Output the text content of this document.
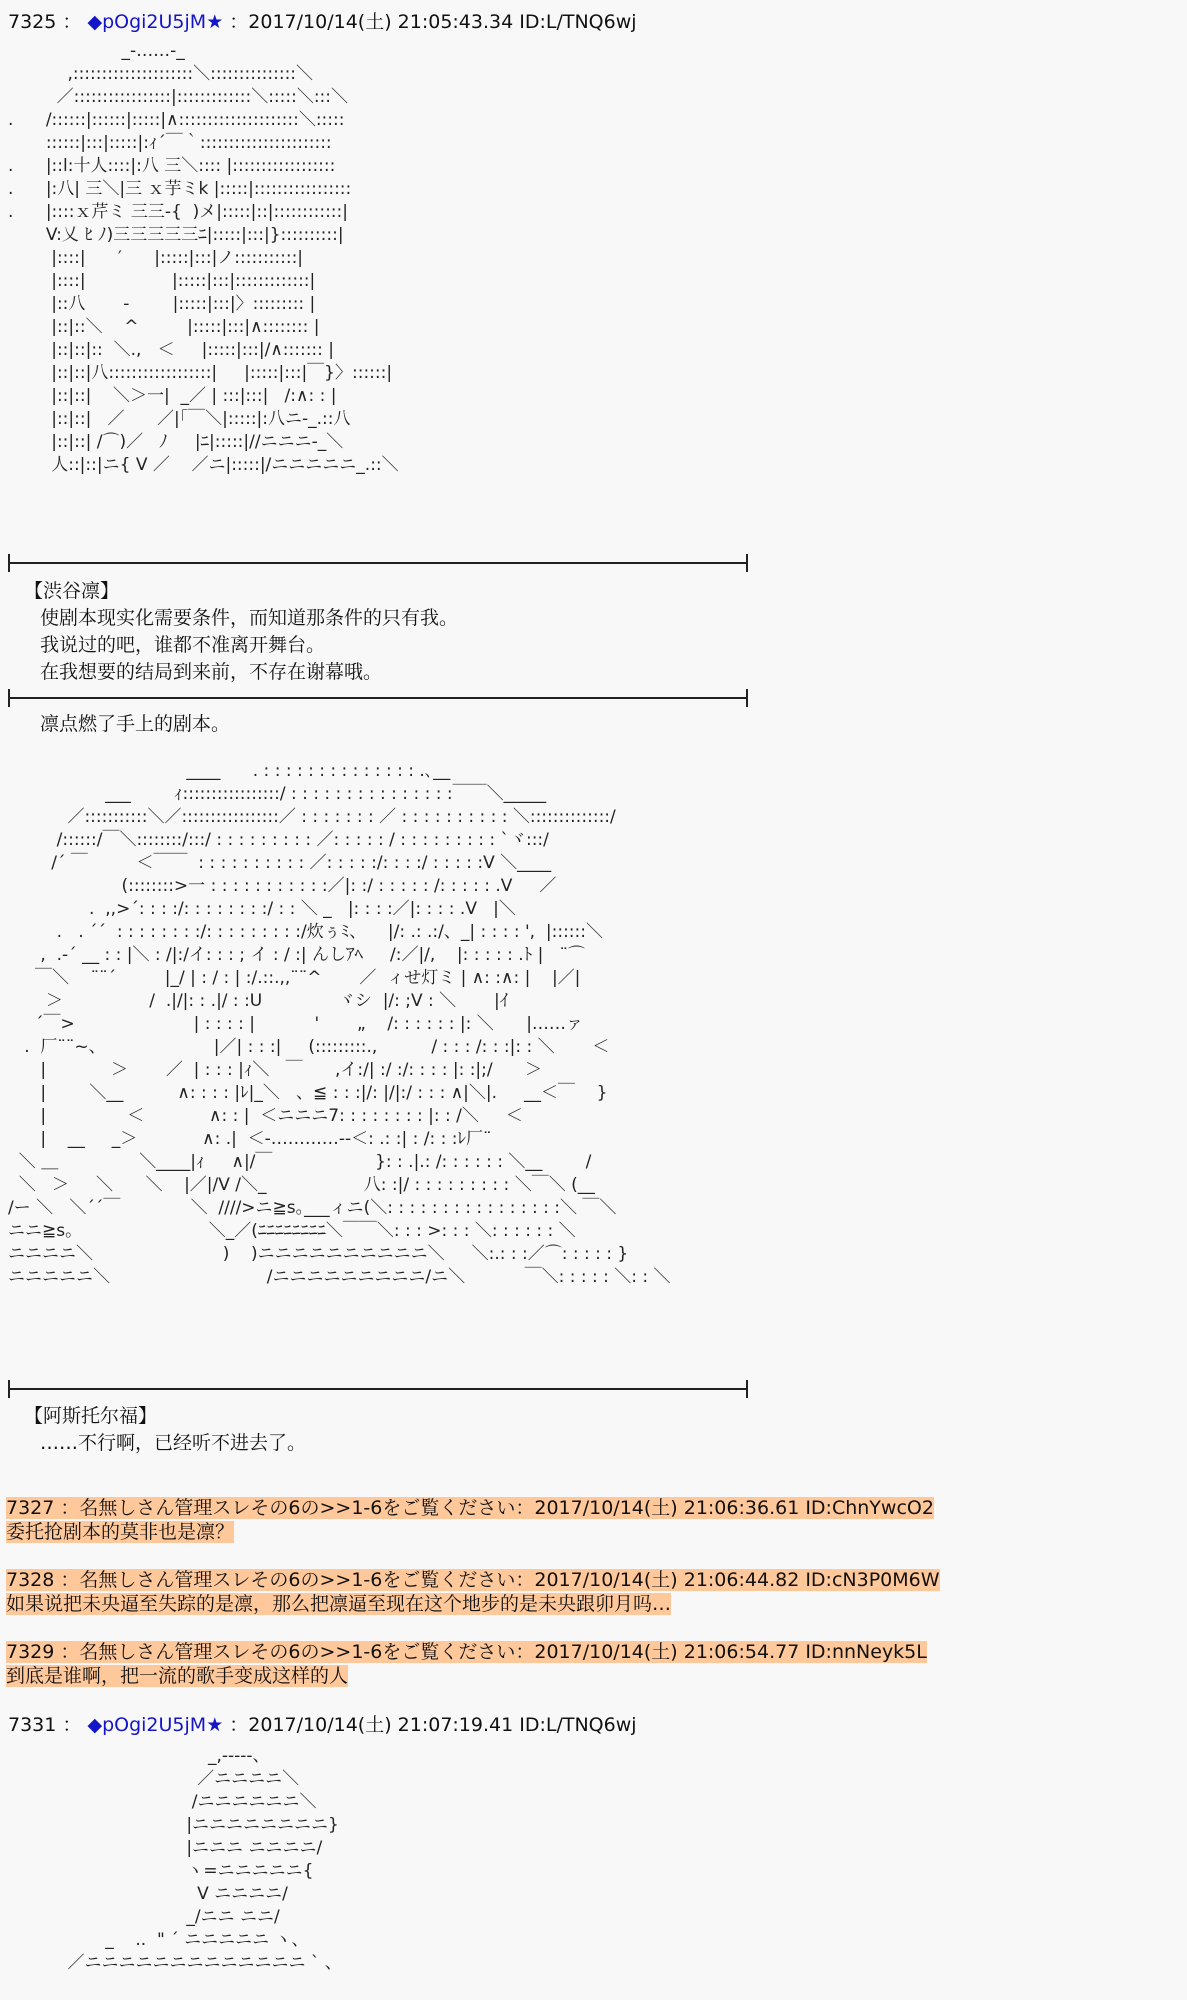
7325 ： ◆pOgi2U5jM★ ：2017/10/14(土) 21:05:43.34 ID:L/TNQ6wj
_-‥‥‥-_
,:::::::::::::::::::::＼:::::::::::::::＼
／:::::::::::::::::|:::::::::::::＼:::::＼:::＼
.      /::::::|::::::|:::::|∧:::::::::::::::::::::＼:::::
::::::|:::|:::::|:ｨ´￣｀:::::::::::::::::::::::
.      |::l:十人::::|:八 三＼:::: |::::::::::::::::::
.      |:八| 三＼|三 ｘ芋ミk |:::::|:::::::::::::::::
.      |::::ｘ芹ミ 三三-{  )メ|:::::|::|::::::::::::|
V:乂 ﾋ ﾉ)三三三三三ﾆ|:::::|:::|}::::::::::|
|::::|      ′      |:::::|:::|ノ:::::::::::|
|::::|                |:::::|:::|:::::::::::::|
|::八       -        |:::::|:::|〉::::::::: |
|::|::＼    ^         |:::::|:::|∧:::::::: |
|::|::|::  ＼.,   ＜     |:::::|:::|/∧::::::: |
|::|::|八::::::::::::::::::|     |:::::|:::|￣}〉::::::|
|::|::|    ＼＞一|  _／ | :::|:::|   /:∧: : |
|::|::|   ／      ／|｢￣＼|:::::|:八ニ-_.::八
|::|::| /⌒)／   ﾉ     |ﾆ|:::::|//ニニニ-_＼
人::|::|ニ{ V ／    ／ニ|:::::|/ニニニニニ_.::＼
【渋谷凛】
使剧本现实化需要条件，而知道那条件的只有我。
我说过的吧，谁都不准离开舞台。
在我想要的结局到来前，不存在谢幕哦。
凛点燃了手上的剧本。
____      . : : : : : : : : : : : : : : .､__
___        ｨ:::::::::::::::::/ : : : : : : : : : : : : : : :￣￣＼_____
／:::::::::::＼／:::::::::::::::::／ : : : : : : : ／ : : : : : : : : : : ＼::::::::::::::/
/::::::/￣＼::::::::/:::/ : : : : : : : : : ／: : : : : / : : : : : : : : : `ヾ:::/
/´ ￣         ＜￣￣  : : : : : : : : : : ／: : : : :/: : : :/ : : : : :V ＼____
(::::::::>一 : : : : : : : : : : :／|: :/ : : : : : /: : : : : .V     ／
.  ,,>´: : : :/: : : : : : : :/ : : ＼ _   |: : : :／|: : : : .V   |＼
.   . ´´  : : : : : : : :/: : : : : : : : :/炊ぅﾐ、    |/: .: .:/、_| : : : : ',  |::::::＼
,  .-´ __ : : |＼ : /|:/イ: : : ; イ : / :| んしｱﾍ     /:／|/,    |: : : : : .ﾄ |   ¨⌒
￣＼    ¨¨´         |_/ | : / : | :/.::.,,¨¨^       ／  ィせ灯ミ | ∧: :∧: |    |／|
＞                /  .|/|: : .|/ : :U              ヾシ  |/: ;V : ＼       |ｲ
´￣>                      | : : : : |           '       „    /: : : : : : |: ＼      |‥‥‥ァ
.  厂¨¨~、                    |／| : : :|     (:::::::::.,          / : : : /: : :|: : ＼       ＜
|            ＞       ／  | : : : |ｨ＼   ￣      ,イ:/| :/ :/: : : : |: :|;/      ＞
|        ＼__          ∧: : : : |ﾚ|_＼   、≦ : : :|/: |/|:/ : : : ∧|＼|.     __＜￣    }
|               ＜            ∧: : |  ＜ニニニ7: : : : : : : : |: : /＼     ＜
|    __     _＞            ∧: .|  ＜-‥‥‥‥‥‥--＜: .: :| : /: : :ﾚ厂¨
＼ ＿               ＼____|ｨ     ∧|/￣                   }: : .|.: /: : : : : : ＼__        /
＼   ＞     ＼      ＼    |／|/V /＼_                  八: :|/ : : : : : : : : : ＼￣＼ (__
/ー ＼   ＼´´￣             ＼  ////>ニ≧s｡___ィニ(＼: : : : : : : : : : : : : : : :＼ ￣＼
ニニ≧s｡                         ＼_／(ﾆﾆﾆﾆﾆﾆﾆﾆ＼￣￣＼: : : >: : : ＼: : : : : : ＼
ニニニニ＼                        )    )ニニニニニニニニニニ＼     ＼:.: : :／⌒: : : : : }
ニニニニニ＼                             /ニニニニニニニニニ/ニ＼           ￣＼: : : : : ＼: : ＼
【阿斯托尔福】
……不行啊，已经听不进去了。
7327 ：名無しさん管理スレその6の>>1-6をご覧ください：2017/10/14(土) 21:06:36.61 ID:ChnYwcO2
委托抢剧本的莫非也是凛？
7328 ：名無しさん管理スレその6の>>1-6をご覧ください：2017/10/14(土) 21:06:44.82 ID:cN3P0M6W
如果说把未央逼至失踪的是凛，那么把凛逼至现在这个地步的是未央跟卯月吗…
7329 ：名無しさん管理スレその6の>>1-6をご覧ください：2017/10/14(土) 21:06:54.77 ID:nnNeyk5L
到底是谁啊，把一流的歌手变成这样的人
7331 ： ◆pOgi2U5jM★ ：2017/10/14(土) 21:07:19.41 ID:L/TNQ6wj
_,-‐‐‐-、
／ニニニニ＼
/ニニニニニニ＼
|ニニニニニニニニ}
|ニニニ ニニニニ/
ヽ=ニニニニニ{
V ニニニニ/
_/ニニ ニニ/
_    ..  " ´ ニニニニニ ヽ、
／ニニニニニニニニニニニニニ ` 、
